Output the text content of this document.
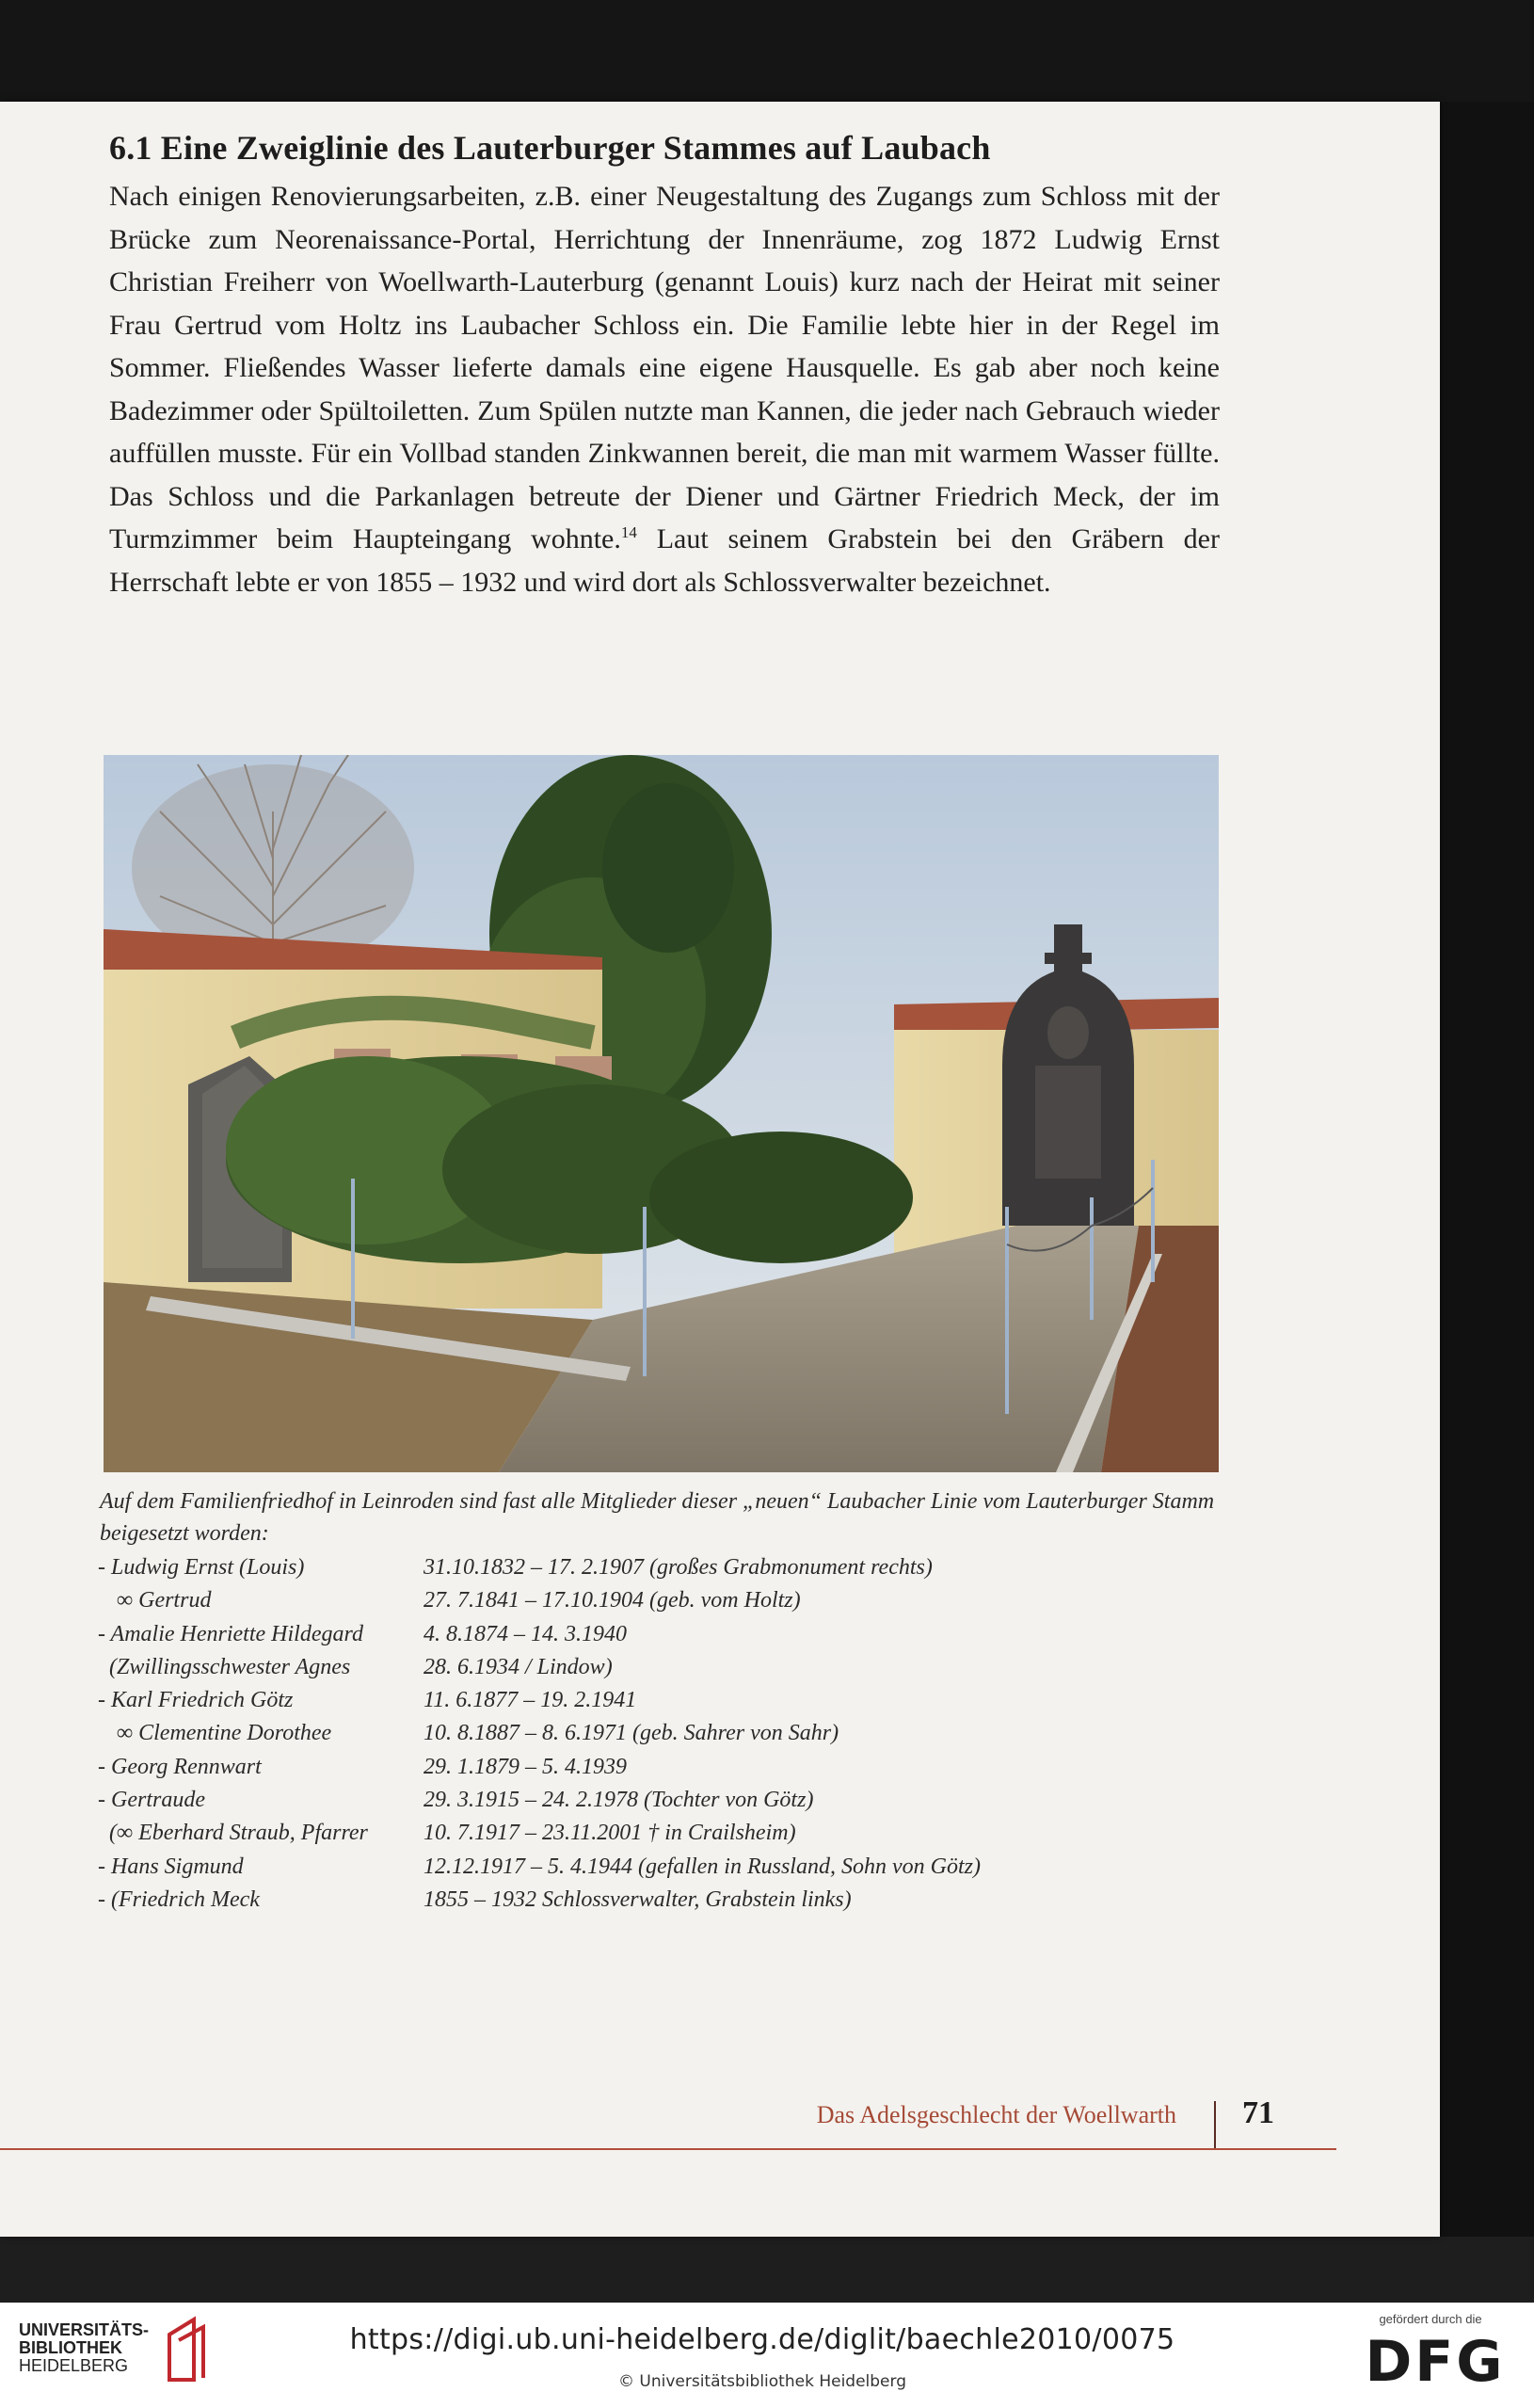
6.1 Eine Zweiglinie des Lauterburger Stammes auf Laubach
Nach einigen Renovierungsarbeiten, z.B. einer Neugestaltung des Zugangs zum Schloss mit der Brücke zum Neorenaissance-Portal, Herrichtung der Innenräume, zog 1872 Ludwig Ernst Christian Freiherr von Woellwarth-Lauterburg (genannt Louis) kurz nach der Heirat mit seiner Frau Gertrud vom Holtz ins Laubacher Schloss ein. Die Familie lebte hier in der Regel im Sommer. Fließendes Wasser lieferte damals eine eigene Hausquelle. Es gab aber noch keine Badezimmer oder Spültoiletten. Zum Spülen nutzte man Kannen, die jeder nach Gebrauch wieder auffüllen musste. Für ein Vollbad standen Zinkwannen bereit, die man mit warmem Wasser füllte. Das Schloss und die Parkanlagen betreute der Diener und Gärtner Friedrich Meck, der im Turmzimmer beim Haupteingang wohnte.$^{14}$ Laut seinem Grabstein bei den Gräbern der Herrschaft lebte er von 1855 – 1932 und wird dort als Schlossverwalter bezeichnet.
Auf dem Familienfriedhof in Leinroden sind fast alle Mitglieder dieser „neuen“ Laubacher Linie vom Lauterburger Stamm beigesetzt worden:
- Ludwig Ernst (Louis)	31.10.1832 – 17. 2.1907 (großes Grabmonument rechts)
∞ Gertrud	27. 7.1841 – 17.10.1904 (geb. vom Holtz)
- Amalie Henriette Hildegard	4. 8.1874 – 14. 3.1940
(Zwillingsschwester Agnes	28. 6.1934 / Lindow)
- Karl Friedrich Götz	11. 6.1877 – 19. 2.1941
∞ Clementine Dorothee	10. 8.1887 – 8. 6.1971 (geb. Sahrer von Sahr)
- Georg Rennwart	29. 1.1879 – 5. 4.1939
- Gertraude	29. 3.1915 – 24. 2.1978 (Tochter von Götz)
(∞ Eberhard Straub, Pfarrer	10. 7.1917 – 23.11.2001 † in Crailsheim)
- Hans Sigmund	12.12.1917 – 5. 4.1944 (gefallen in Russland, Sohn von Götz)
- (Friedrich Meck	1855 – 1932 Schlossverwalter, Grabstein links)
Das Adelsgeschlecht der Woellwarth 71
UNIVERSITÄTS-
BIBLIOTHEK
HEIDELBERG
https://digi.ub.uni-heidelberg.de/diglit/baechle2010/0075
© Universitätsbibliothek Heidelberg
gefördert durch die
DFG
